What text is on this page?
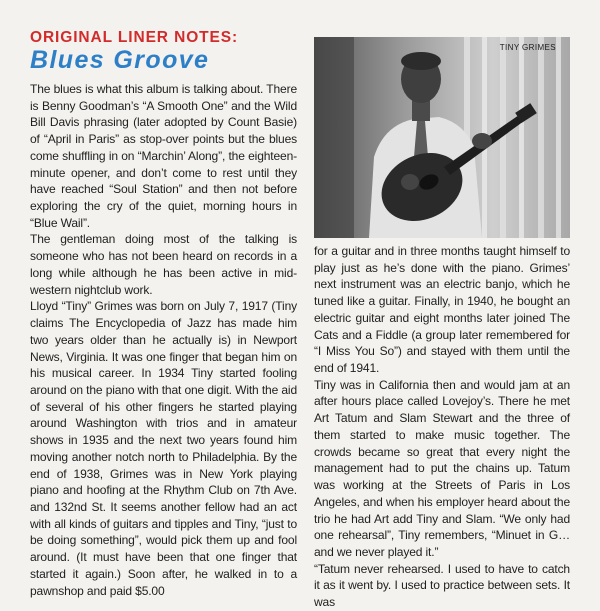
ORIGINAL LINER NOTES:

Blues Groove

The blues is what this album is talking about. There is Benny Goodman’s “A Smooth One” and the Wild Bill Davis phrasing (later adopted by Count Basie) of “April in Paris” as stop-over points but the blues come shuffling in on “Marchin’ Along”, the eighteen-minute opener, and don’t come to rest until they have reached “Soul Station” and then not before exploring the cry of the quiet, morning hours in “Blue Wail”.

The gentleman doing most of the talking is someone who has not been heard on records in a long while although he has been active in mid-western nightclub work.

Lloyd “Tiny” Grimes was born on July 7, 1917 (Tiny claims The Encyclopedia of Jazz has made him two years older than he actually is) in Newport News, Virginia. It was one finger that began him on his musical career. In 1934 Tiny started fooling around on the piano with that one digit. With the aid of several of his other fingers he started playing around Washington with trios and in amateur shows in 1935 and the next two years found him moving another notch north to Philadelphia. By the end of 1938, Grimes was in New York playing piano and hoofing at the Rhythm Club on 7th Ave. and 132nd St. It seems another fellow had an act with all kinds of guitars and tipples and Tiny, “just to be doing something”, would pick them up and fool around. (It must have been that one finger that started it again.) Soon after, he walked in to a pawnshop and paid $5.00

TINY GRIMES

for a guitar and in three months taught himself to play just as he’s done with the piano. Grimes’ next instrument was an electric banjo, which he tuned like a guitar. Finally, in 1940, he bought an electric guitar and eight months later joined The Cats and a Fiddle (a group later remembered for “I Miss You So”) and stayed with them until the end of 1941.

Tiny was in California then and would jam at an after hours place called Lovejoy’s. There he met Art Tatum and Slam Stewart and the three of them started to make music together. The crowds became so great that every night the management had to put the chains up. Tatum was working at the Streets of Paris in Los Angeles, and when his employer heard about the trio he had Art add Tiny and Slam. “We only had one rehearsal”, Tiny remembers, “Minuet in G… and we never played it.”

“Tatum never rehearsed. I used to have to catch it as it went by. I used to practice between sets. It was
